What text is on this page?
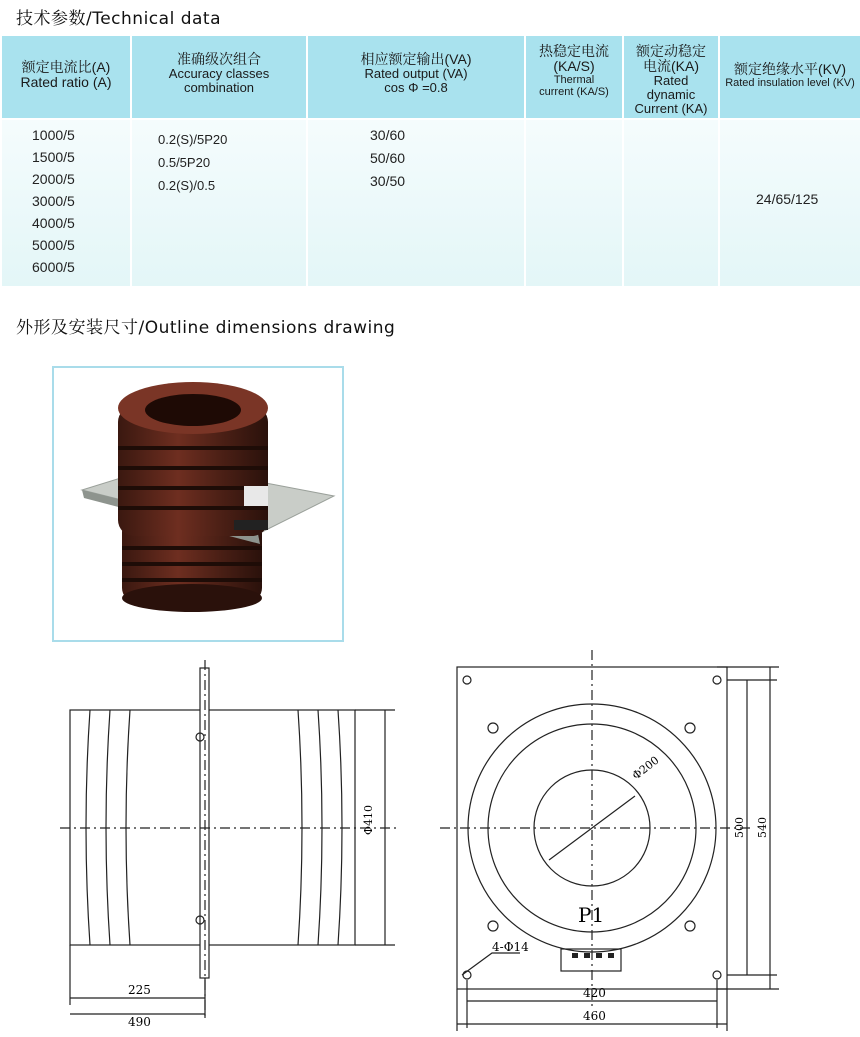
技术参数/Technical data
额定电流比(A)
Rated ratio (A)
准确级次组合
Accuracy classes
combination
相应额定输出(VA)
Rated output (VA)
cos Φ =0.8
热稳定电流(KA/S)
Thermal
current (KA/S)
额定动稳定电流(KA)
Rated dynamic
Current (KA)
额定绝缘水平(KV)
Rated insulation level (KV)
1000/5
1500/5
2000/5
3000/5
4000/5
5000/5
6000/5
0.2(S)/5P20
0.5/5P20
0.2(S)/0.5
30/60
50/60
30/50
24/65/125
外形及安装尺寸/Outline dimensions drawing
Φ410
225
490
Φ200
P1
4-Φ14
420
460
500 540
